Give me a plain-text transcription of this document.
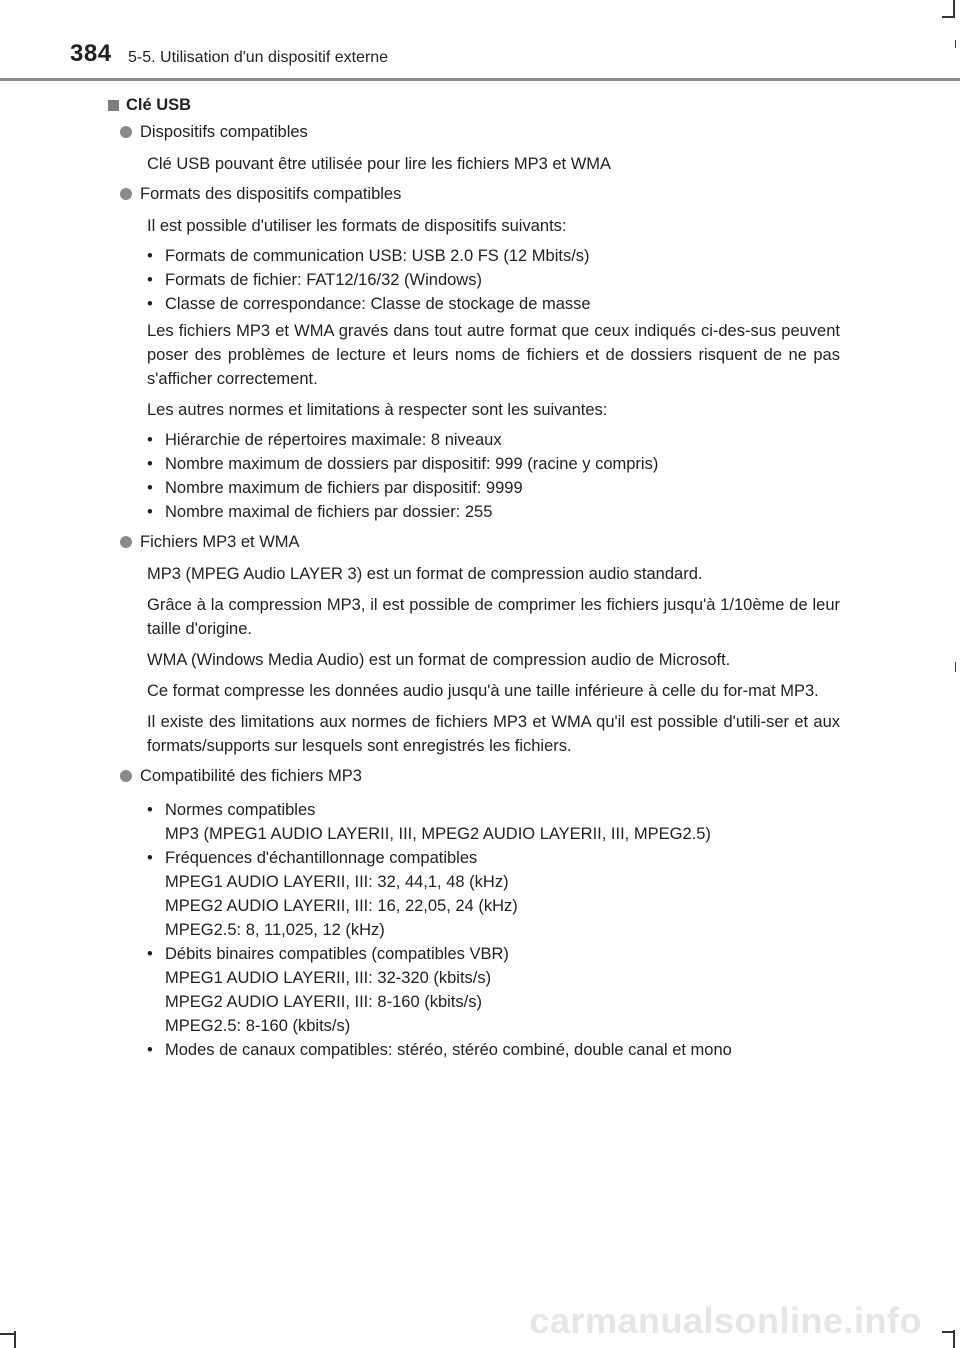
384 5-5. Utilisation d'un dispositif externe
Clé USB
Dispositifs compatibles
Clé USB pouvant être utilisée pour lire les fichiers MP3 et WMA
Formats des dispositifs compatibles
Il est possible d'utiliser les formats de dispositifs suivants:
• Formats de communication USB: USB 2.0 FS (12 Mbits/s)
• Formats de fichier: FAT12/16/32 (Windows)
• Classe de correspondance: Classe de stockage de masse
Les fichiers MP3 et WMA gravés dans tout autre format que ceux indiqués ci-des-sus peuvent poser des problèmes de lecture et leurs noms de fichiers et de dossiers risquent de ne pas s'afficher correctement.
Les autres normes et limitations à respecter sont les suivantes:
• Hiérarchie de répertoires maximale: 8 niveaux
• Nombre maximum de dossiers par dispositif: 999 (racine y compris)
• Nombre maximum de fichiers par dispositif: 9999
• Nombre maximal de fichiers par dossier: 255
Fichiers MP3 et WMA
MP3 (MPEG Audio LAYER 3) est un format de compression audio standard.
Grâce à la compression MP3, il est possible de comprimer les fichiers jusqu'à 1/10ème de leur taille d'origine.
WMA (Windows Media Audio) est un format de compression audio de Microsoft.
Ce format compresse les données audio jusqu'à une taille inférieure à celle du for-mat MP3.
Il existe des limitations aux normes de fichiers MP3 et WMA qu'il est possible d'utili-ser et aux formats/supports sur lesquels sont enregistrés les fichiers.
Compatibilité des fichiers MP3
• Normes compatibles
MP3 (MPEG1 AUDIO LAYERII, III, MPEG2 AUDIO LAYERII, III, MPEG2.5)
• Fréquences d'échantillonnage compatibles
MPEG1 AUDIO LAYERII, III: 32, 44,1, 48 (kHz)
MPEG2 AUDIO LAYERII, III: 16, 22,05, 24 (kHz)
MPEG2.5: 8, 11,025, 12 (kHz)
• Débits binaires compatibles (compatibles VBR)
MPEG1 AUDIO LAYERII, III: 32-320 (kbits/s)
MPEG2 AUDIO LAYERII, III: 8-160 (kbits/s)
MPEG2.5: 8-160 (kbits/s)
• Modes de canaux compatibles: stéréo, stéréo combiné, double canal et mono
carmanualsonline.info
